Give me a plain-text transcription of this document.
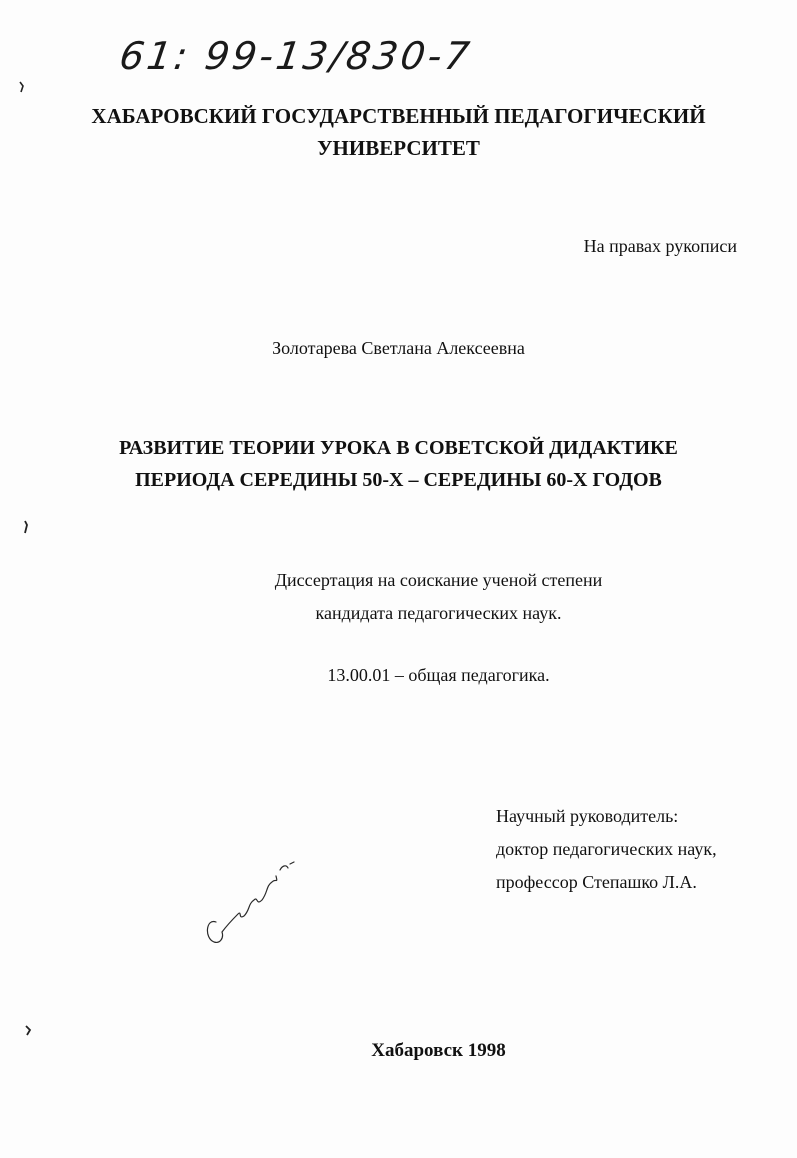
61: 99-13/830-7
ХАБАРОВСКИЙ ГОСУДАРСТВЕННЫЙ ПЕДАГОГИЧЕСКИЙ
УНИВЕРСИТЕТ
На правах рукописи
Золотарева Светлана Алексеевна
РАЗВИТИЕ ТЕОРИИ УРОКА В СОВЕТСКОЙ ДИДАКТИКЕ
ПЕРИОДА СЕРЕДИНЫ 50-Х – СЕРЕДИНЫ 60-Х ГОДОВ
Диссертация на соискание ученой степени
кандидата педагогических наук.
13.00.01 – общая педагогика.
Научный руководитель:
доктор педагогических наук,
профессор Степашко Л.А.
Хабаровск 1998
